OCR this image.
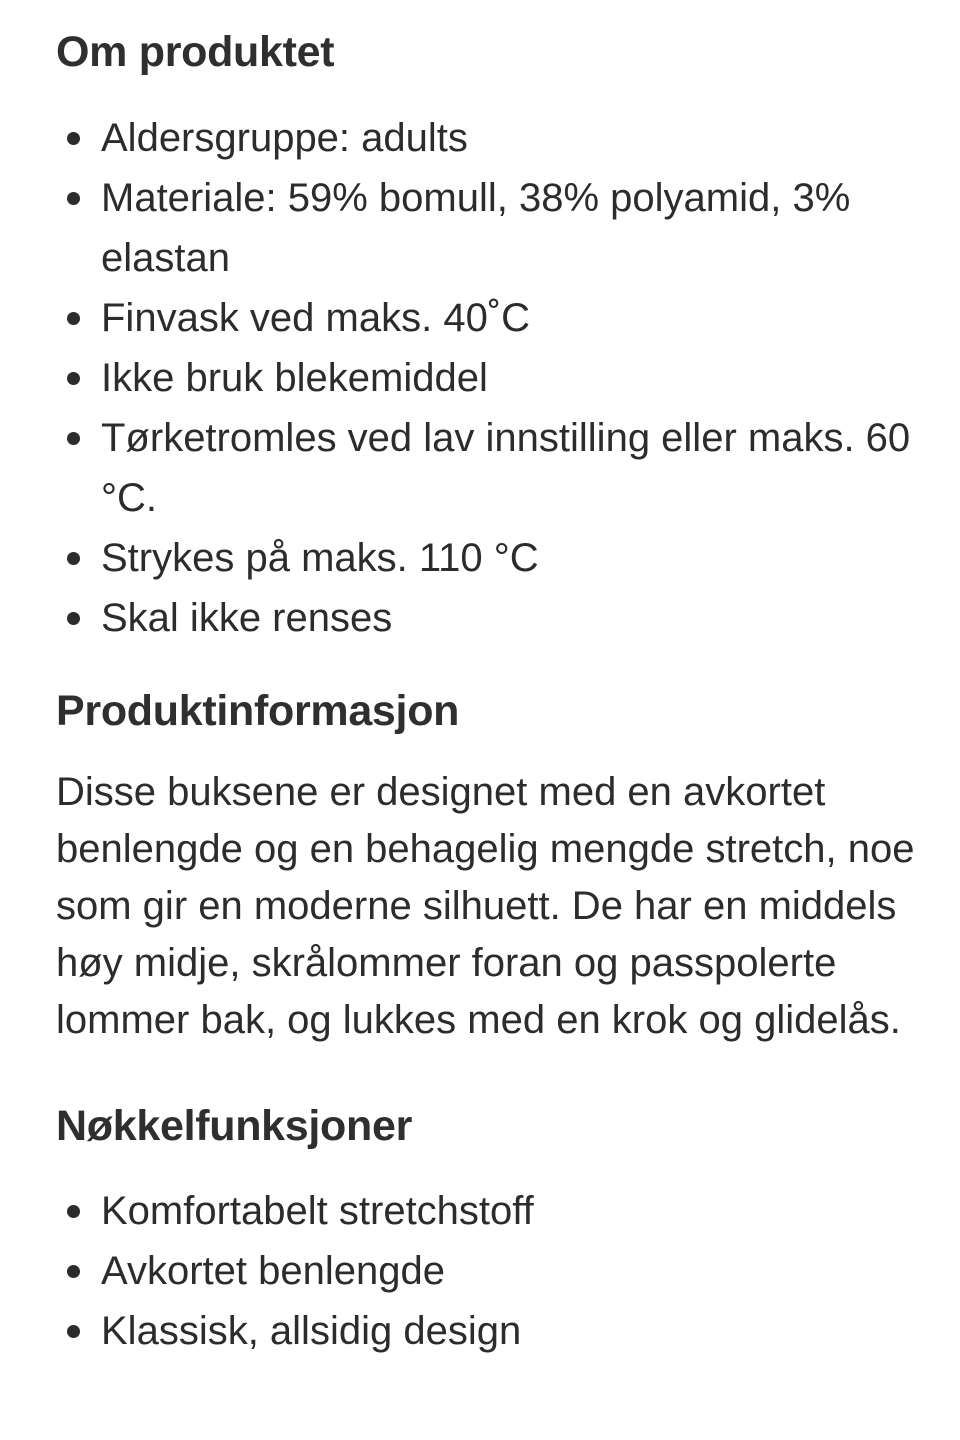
Om produktet
Aldersgruppe: adults
Materiale: 59% bomull, 38% polyamid, 3% elastan
Finvask ved maks. 40˚C
Ikke bruk blekemiddel
Tørketromles ved lav innstilling eller maks. 60 °C.
Strykes på maks. 110 °C
Skal ikke renses
Produktinformasjon

Disse buksene er designet med en avkortet benlengde og en behagelig mengde stretch, noe som gir en moderne silhuett. De har en middels høy midje, skrålommer foran og passpolerte lommer bak, og lukkes med en krok og glidelås.

Nøkkelfunksjoner
Komfortabelt stretchstoff
Avkortet benlengde
Klassisk, allsidig design
